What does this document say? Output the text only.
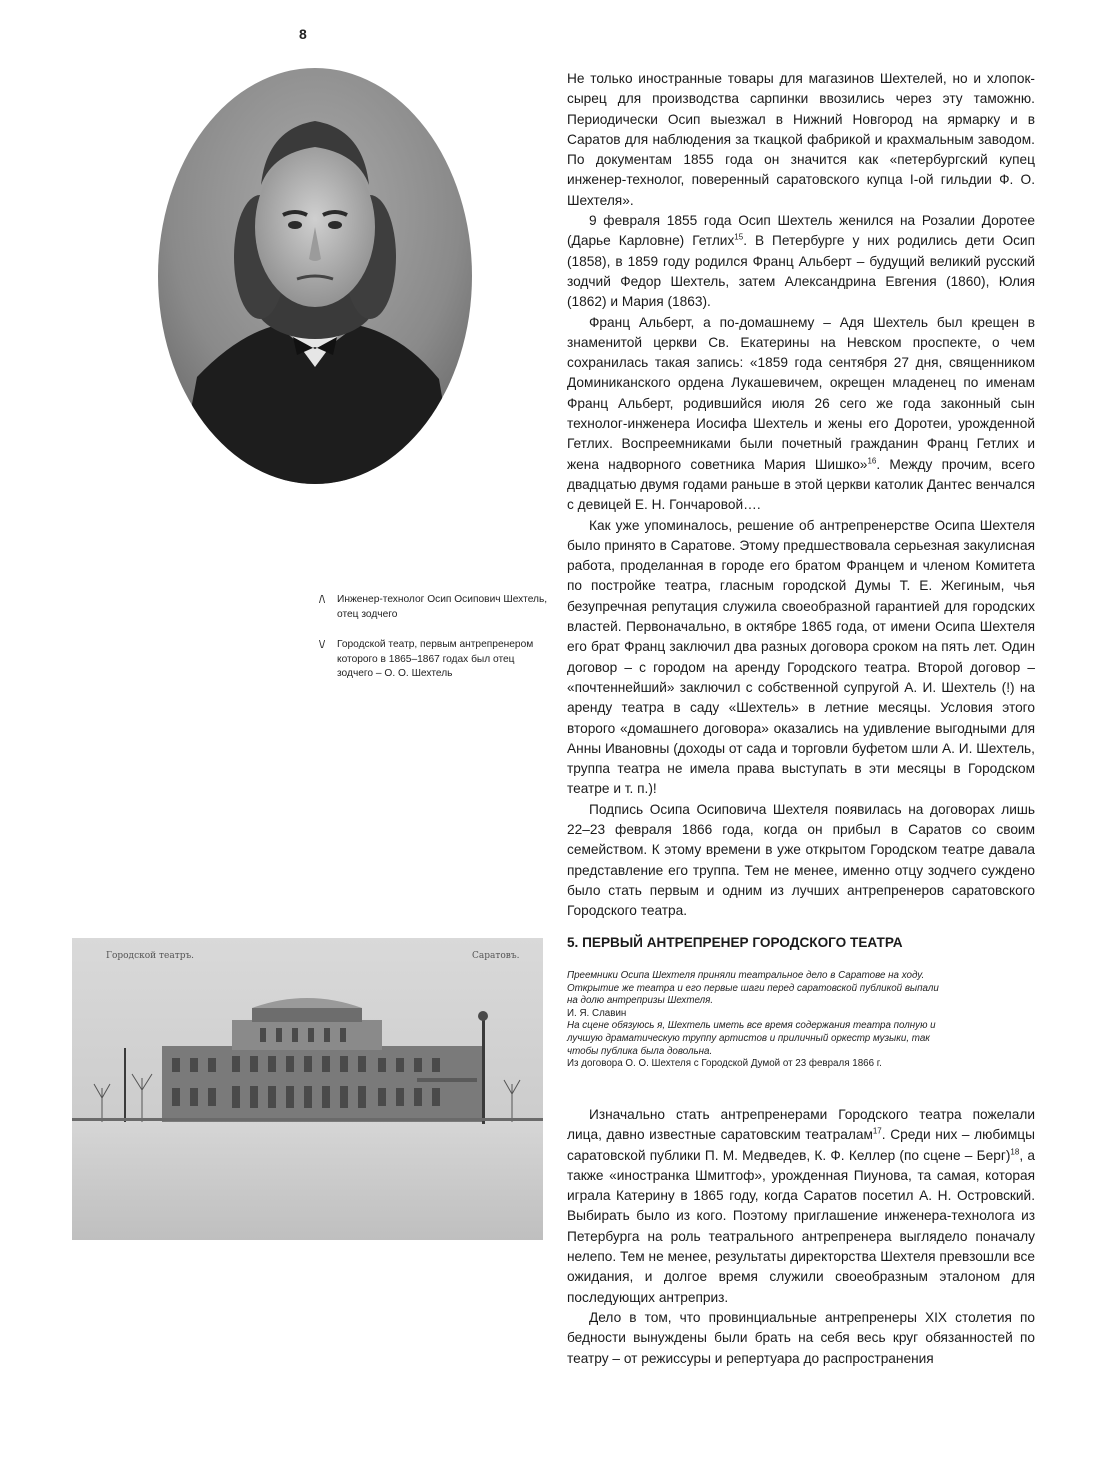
8
Городской театръ.	Саратовъ.
/\ Инженер-технолог Осип Осипович Шехтель, отец зодчего
\/ Городской театр, первым антрепренером которого в 1865–1867 годах был отец зодчего – О. О. Шехтель

Не только иностранные товары для магазинов Шехтелей, но и хлопок-сырец для производства сарпинки ввозились через эту таможню. Периодически Осип выезжал в Нижний Новгород на ярмарку и в Саратов для наблюдения за ткацкой фабрикой и крахмальным заводом. По документам 1855 года он значится как «петербургский купец инженер-технолог, поверенный саратовского купца I-ой гильдии Ф. О. Шехтеля».

9 февраля 1855 года Осип Шехтель женился на Розалии Доротее (Дарье Карловне) Гетлих$^{15}$. В Петербурге у них родились дети Осип (1858), в 1859 году родился Франц Альберт – будущий великий русский зодчий Федор Шехтель, затем Александрина Евгения (1860), Юлия (1862) и Мария (1863).

Франц Альберт, а по-домашнему – Адя Шехтель был крещен в знаменитой церкви Св. Екатерины на Невском проспекте, о чем сохранилась такая запись: «1859 года сентября 27 дня, священником Доминиканского ордена Лукашевичем, окрещен младенец по именам Франц Альберт, родившийся июля 26 сего же года законный сын технолог-инженера Иосифа Шехтель и жены его Доротеи, урожденной Гетлих. Воспреемниками были почетный гражданин Франц Гетлих и жена надворного советника Мария Шишко»$^{16}$. Между прочим, всего двадцатью двумя годами раньше в этой церкви католик Дантес венчался с девицей Е. Н. Гончаровой….

Как уже упоминалось, решение об антрепренерстве Осипа Шехтеля было принято в Саратове. Этому предшествовала серьезная закулисная работа, проделанная в городе его братом Францем и членом Комитета по постройке театра, гласным городской Думы Т. Е. Жегиным, чья безупречная репутация служила своеобразной гарантией для городских властей. Первоначально, в октябре 1865 года, от имени Осипа Шехтеля его брат Франц заключил два разных договора сроком на пять лет. Один договор – с городом на аренду Городского театра. Второй договор – «почтеннейший» заключил с собственной супругой А. И. Шехтель (!) на аренду театра в саду «Шехтель» в летние месяцы. Условия этого второго «домашнего договора» оказались на удивление выгодными для Анны Ивановны (доходы от сада и торговли буфетом шли А. И. Шехтель, труппа театра не имела права выступать в эти месяцы в Городском театре и т. п.)!

Подпись Осипа Осиповича Шехтеля появилась на договорах лишь 22–23 февраля 1866 года, когда он прибыл в Саратов со своим семейством. К этому времени в уже открытом Городском театре давала представление его труппа. Тем не менее, именно отцу зодчего суждено было стать первым и одним из лучших антрепренеров саратовского Городского театра.

5. ПЕРВЫЙ АНТРЕПРЕНЕР ГОРОДСКОГО ТЕАТРА

Преемники Осипа Шехтеля приняли театральное дело в Саратове на ходу. Открытие же театра и его первые шаги перед саратовской публикой выпали на долю антрепризы Шехтеля.

И. Я. Славин

На сцене обязуюсь я, Шехтель иметь все время содержания театра полную и лучшую драматическую труппу артистов и приличный оркестр музыки, так чтобы публика была довольна.

Из договора О. О. Шехтеля с Городской Думой от 23 февраля 1866 г.

Изначально стать антрепренерами Городского театра пожелали лица, давно известные саратовским театралам$^{17}$. Среди них – любимцы саратовской публики П. М. Медведев, К. Ф. Келлер (по сцене – Берг)$^{18}$, а также «иностранка Шмитгоф», урожденная Пиунова, та самая, которая играла Катерину в 1865 году, когда Саратов посетил А. Н. Островский. Выбирать было из кого. Поэтому приглашение инженера-технолога из Петербурга на роль театрального антрепренера выглядело поначалу нелепо. Тем не менее, результаты директорства Шехтеля превзошли все ожидания, и долгое время служили своеобразным эталоном для последующих антреприз.

Дело в том, что провинциальные антрепренеры XIX столетия по бедности вынуждены были брать на себя весь круг обязанностей по театру – от режиссуры и репертуара до распространения
